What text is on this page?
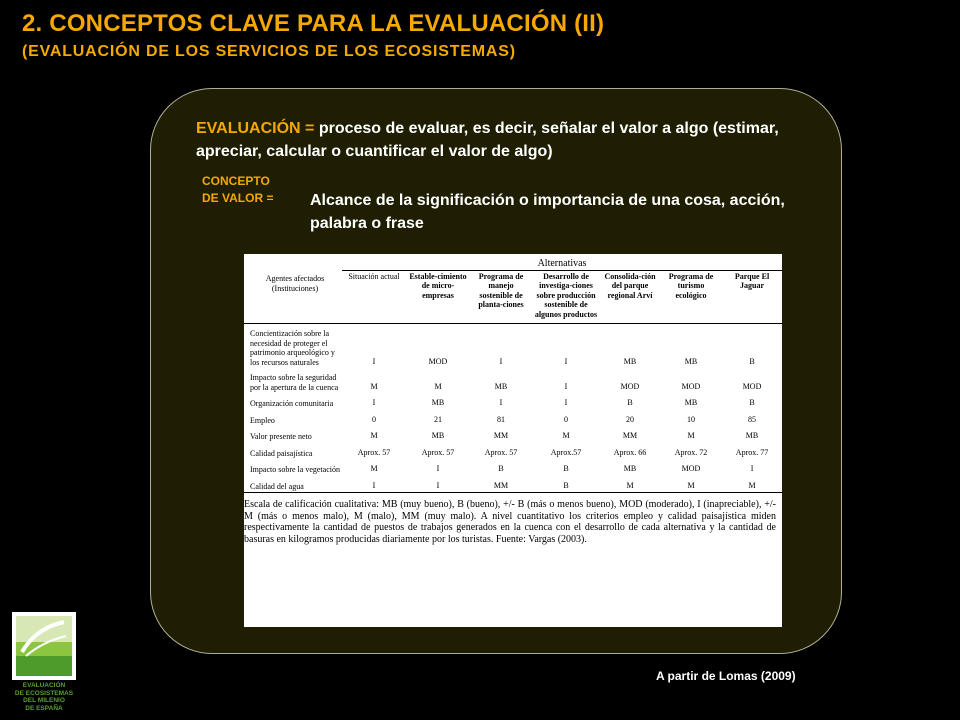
2. CONCEPTOS CLAVE PARA LA EVALUACIÓN (II)
(EVALUACIÓN DE LOS SERVICIOS DE LOS ECOSISTEMAS)

EVALUACIÓN = proceso de evaluar, es decir, señalar el valor a algo (estimar, apreciar, calcular o cuantificar el valor de algo)

CONCEPTO
DE VALOR =	Alcance de la significación o importancia de una cosa, acción, palabra o frase

	Alternativas						
Agentes afectados (Instituciones)	Situación actual	Estable-cimiento de micro-empresas	Programa de manejo sostenible de planta-ciones	Desarrollo de investiga-ciones sobre producción sostenible de algunos productos	Consolida-ción del parque regional Arví	Programa de turismo ecológico	Parque El Jaguar
Concientización sobre la necesidad de proteger el patrimonio arqueológico y los recursos naturales	I	MOD	I	I	MB	MB	B
Impacto sobre la seguridad por la apertura de la cuenca	M	M	MB	I	MOD	MOD	MOD
Organización comunitaria	I	MB	I	I	B	MB	B
Empleo	0	21	81	0	20	10	85
Valor presente neto	M	MB	MM	M	MM	M	MB
Calidad paisajística	Aprox. 57	Aprox. 57	Aprox. 57	Aprox.57	Aprox. 66	Aprox. 72	Aprox. 77
Impacto sobre la vegetación	M	I	B	B	MB	MOD	I
Calidad del agua	I	I	MM	B	M	M	M

Escala de calificación cualitativa: MB (muy bueno), B (bueno), +/- B (más o menos bueno), MOD (moderado), I (inapreciable), +/- M (más o menos malo), M (malo), MM (muy malo). A nivel cuantitativo los criterios empleo y calidad paisajística miden respectivamente la cantidad de puestos de trabajos generados en la cuenca con el desarrollo de cada alternativa y la cantidad de basuras en kilogramos producidas diariamente por los turistas. Fuente: Vargas (2003).

EVALUACIÓN
DE ECOSISTEMAS
DEL MILENIO
DE ESPAÑA

A partir de Lomas (2009)
